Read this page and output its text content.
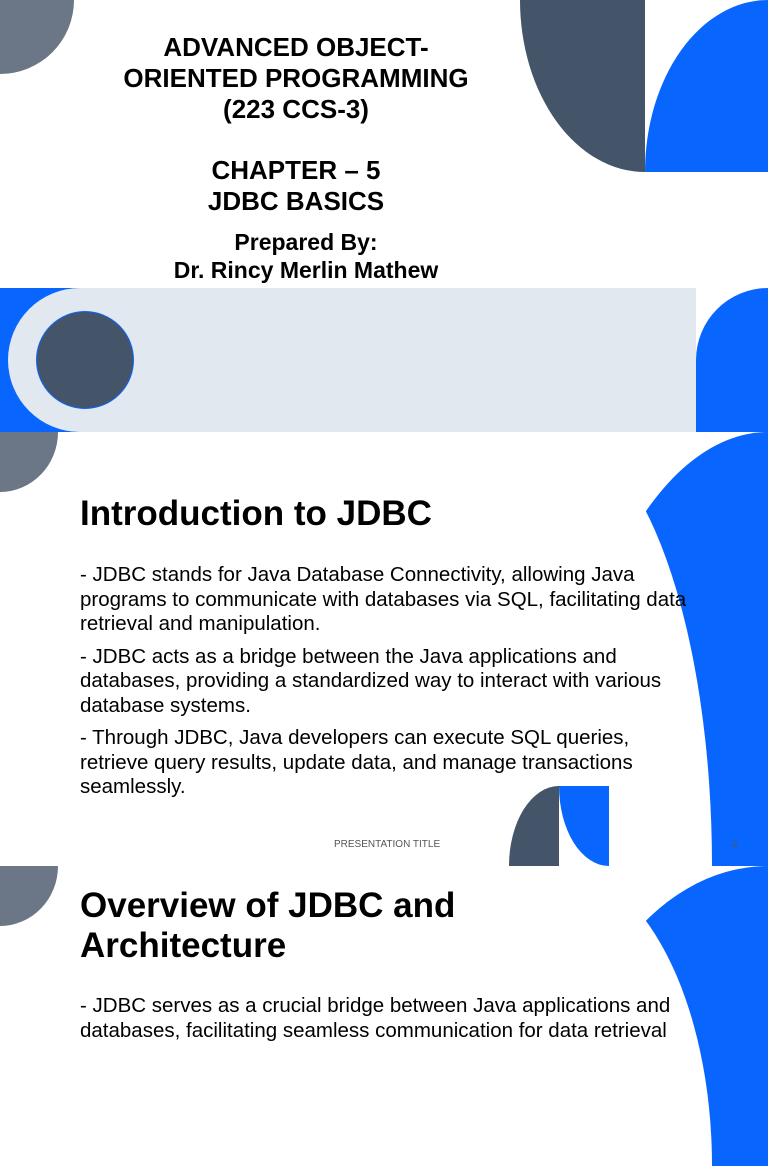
ADVANCED OBJECT-
ORIENTED PROGRAMMING
(223 CCS-3)
CHAPTER – 5
JDBC BASICS
Prepared By:
Dr. Rincy Merlin Mathew
Introduction to JDBC

- JDBC stands for Java Database Connectivity, allowing Java programs to communicate with databases via SQL, facilitating data retrieval and manipulation.

- JDBC acts as a bridge between the Java applications and databases, providing a standardized way to interact with various database systems.

- Through JDBC, Java developers can execute SQL queries, retrieve query results, update data, and manage transactions seamlessly.

PRESENTATION TITLE	2
Overview of JDBC and
Architecture

- JDBC serves as a crucial bridge between Java applications and databases, facilitating seamless communication for data retrieval
